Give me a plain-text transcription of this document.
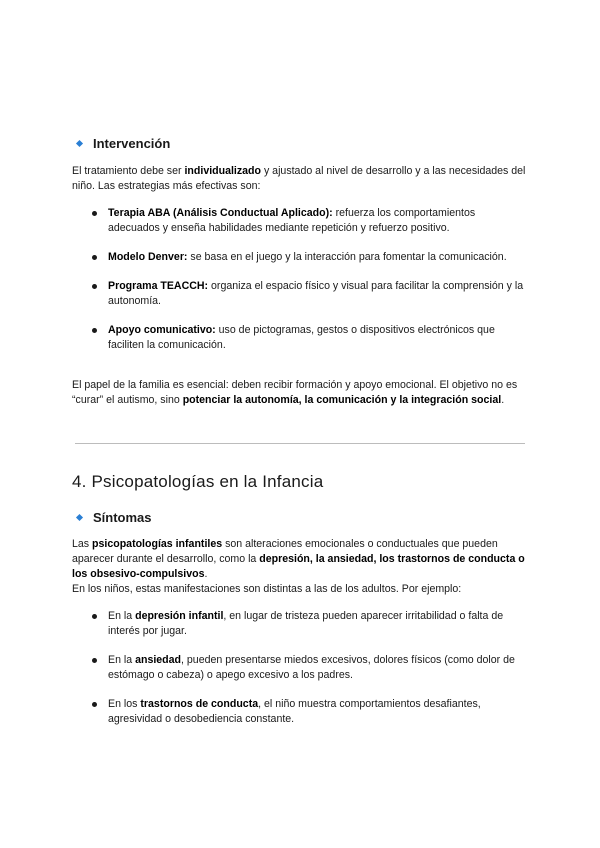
Intervención
El tratamiento debe ser individualizado y ajustado al nivel de desarrollo y a las necesidades del niño. Las estrategias más efectivas son:
Terapia ABA (Análisis Conductual Aplicado): refuerza los comportamientos adecuados y enseña habilidades mediante repetición y refuerzo positivo.
Modelo Denver: se basa en el juego y la interacción para fomentar la comunicación.
Programa TEACCH: organiza el espacio físico y visual para facilitar la comprensión y la autonomía.
Apoyo comunicativo: uso de pictogramas, gestos o dispositivos electrónicos que faciliten la comunicación.
El papel de la familia es esencial: deben recibir formación y apoyo emocional. El objetivo no es “curar” el autismo, sino potenciar la autonomía, la comunicación y la integración social.
4. Psicopatologías en la Infancia
Síntomas
Las psicopatologías infantiles son alteraciones emocionales o conductuales que pueden aparecer durante el desarrollo, como la depresión, la ansiedad, los trastornos de conducta o los obsesivo-compulsivos.
En los niños, estas manifestaciones son distintas a las de los adultos. Por ejemplo:
En la depresión infantil, en lugar de tristeza pueden aparecer irritabilidad o falta de interés por jugar.
En la ansiedad, pueden presentarse miedos excesivos, dolores físicos (como dolor de estómago o cabeza) o apego excesivo a los padres.
En los trastornos de conducta, el niño muestra comportamientos desafiantes, agresividad o desobediencia constante.
